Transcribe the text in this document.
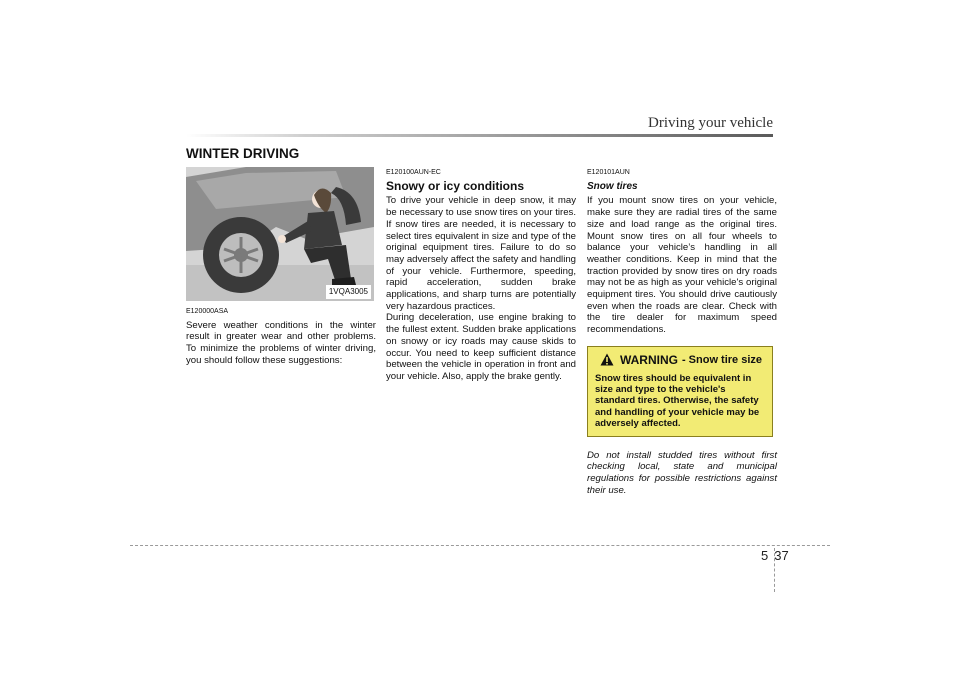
Driving your vehicle
WINTER DRIVING
1VQA3005
E120000ASA
Severe weather conditions in the winter result in greater wear and other problems. To minimize the problems of winter driving, you should follow these suggestions:
E120100AUN-EC
Snowy or icy conditions
To drive your vehicle in deep snow, it may be necessary to use snow tires on your tires. If snow tires are needed, it is necessary to select tires equivalent in size and type of the original equipment tires. Failure to do so may adversely affect the safety and handling of your vehicle. Furthermore, speeding, rapid acceleration, sudden brake applications, and sharp turns are potentially very hazardous practices.
During deceleration, use engine braking to the fullest extent. Sudden brake applications on snowy or icy roads may cause skids to occur. You need to keep sufficient distance between the vehicle in operation in front and your vehicle. Also, apply the brake gently.
E120101AUN
Snow tires
If you mount snow tires on your vehicle, make sure they are radial tires of the same size and load range as the original tires. Mount snow tires on all four wheels to balance your vehicle’s handling in all weather conditions. Keep in mind that the traction provided by snow tires on dry roads may not be as high as your vehicle's original equipment tires. You should drive cautiously even when the roads are clear. Check with the tire dealer for maximum speed recommendations.
WARNING - Snow tire size
Snow tires should be equivalent in size and type to the vehicle's standard tires. Otherwise, the safety and handling of your vehicle may be adversely affected.
Do not install studded tires without first checking local, state and municipal regulations for possible restrictions against their use.
5 37
